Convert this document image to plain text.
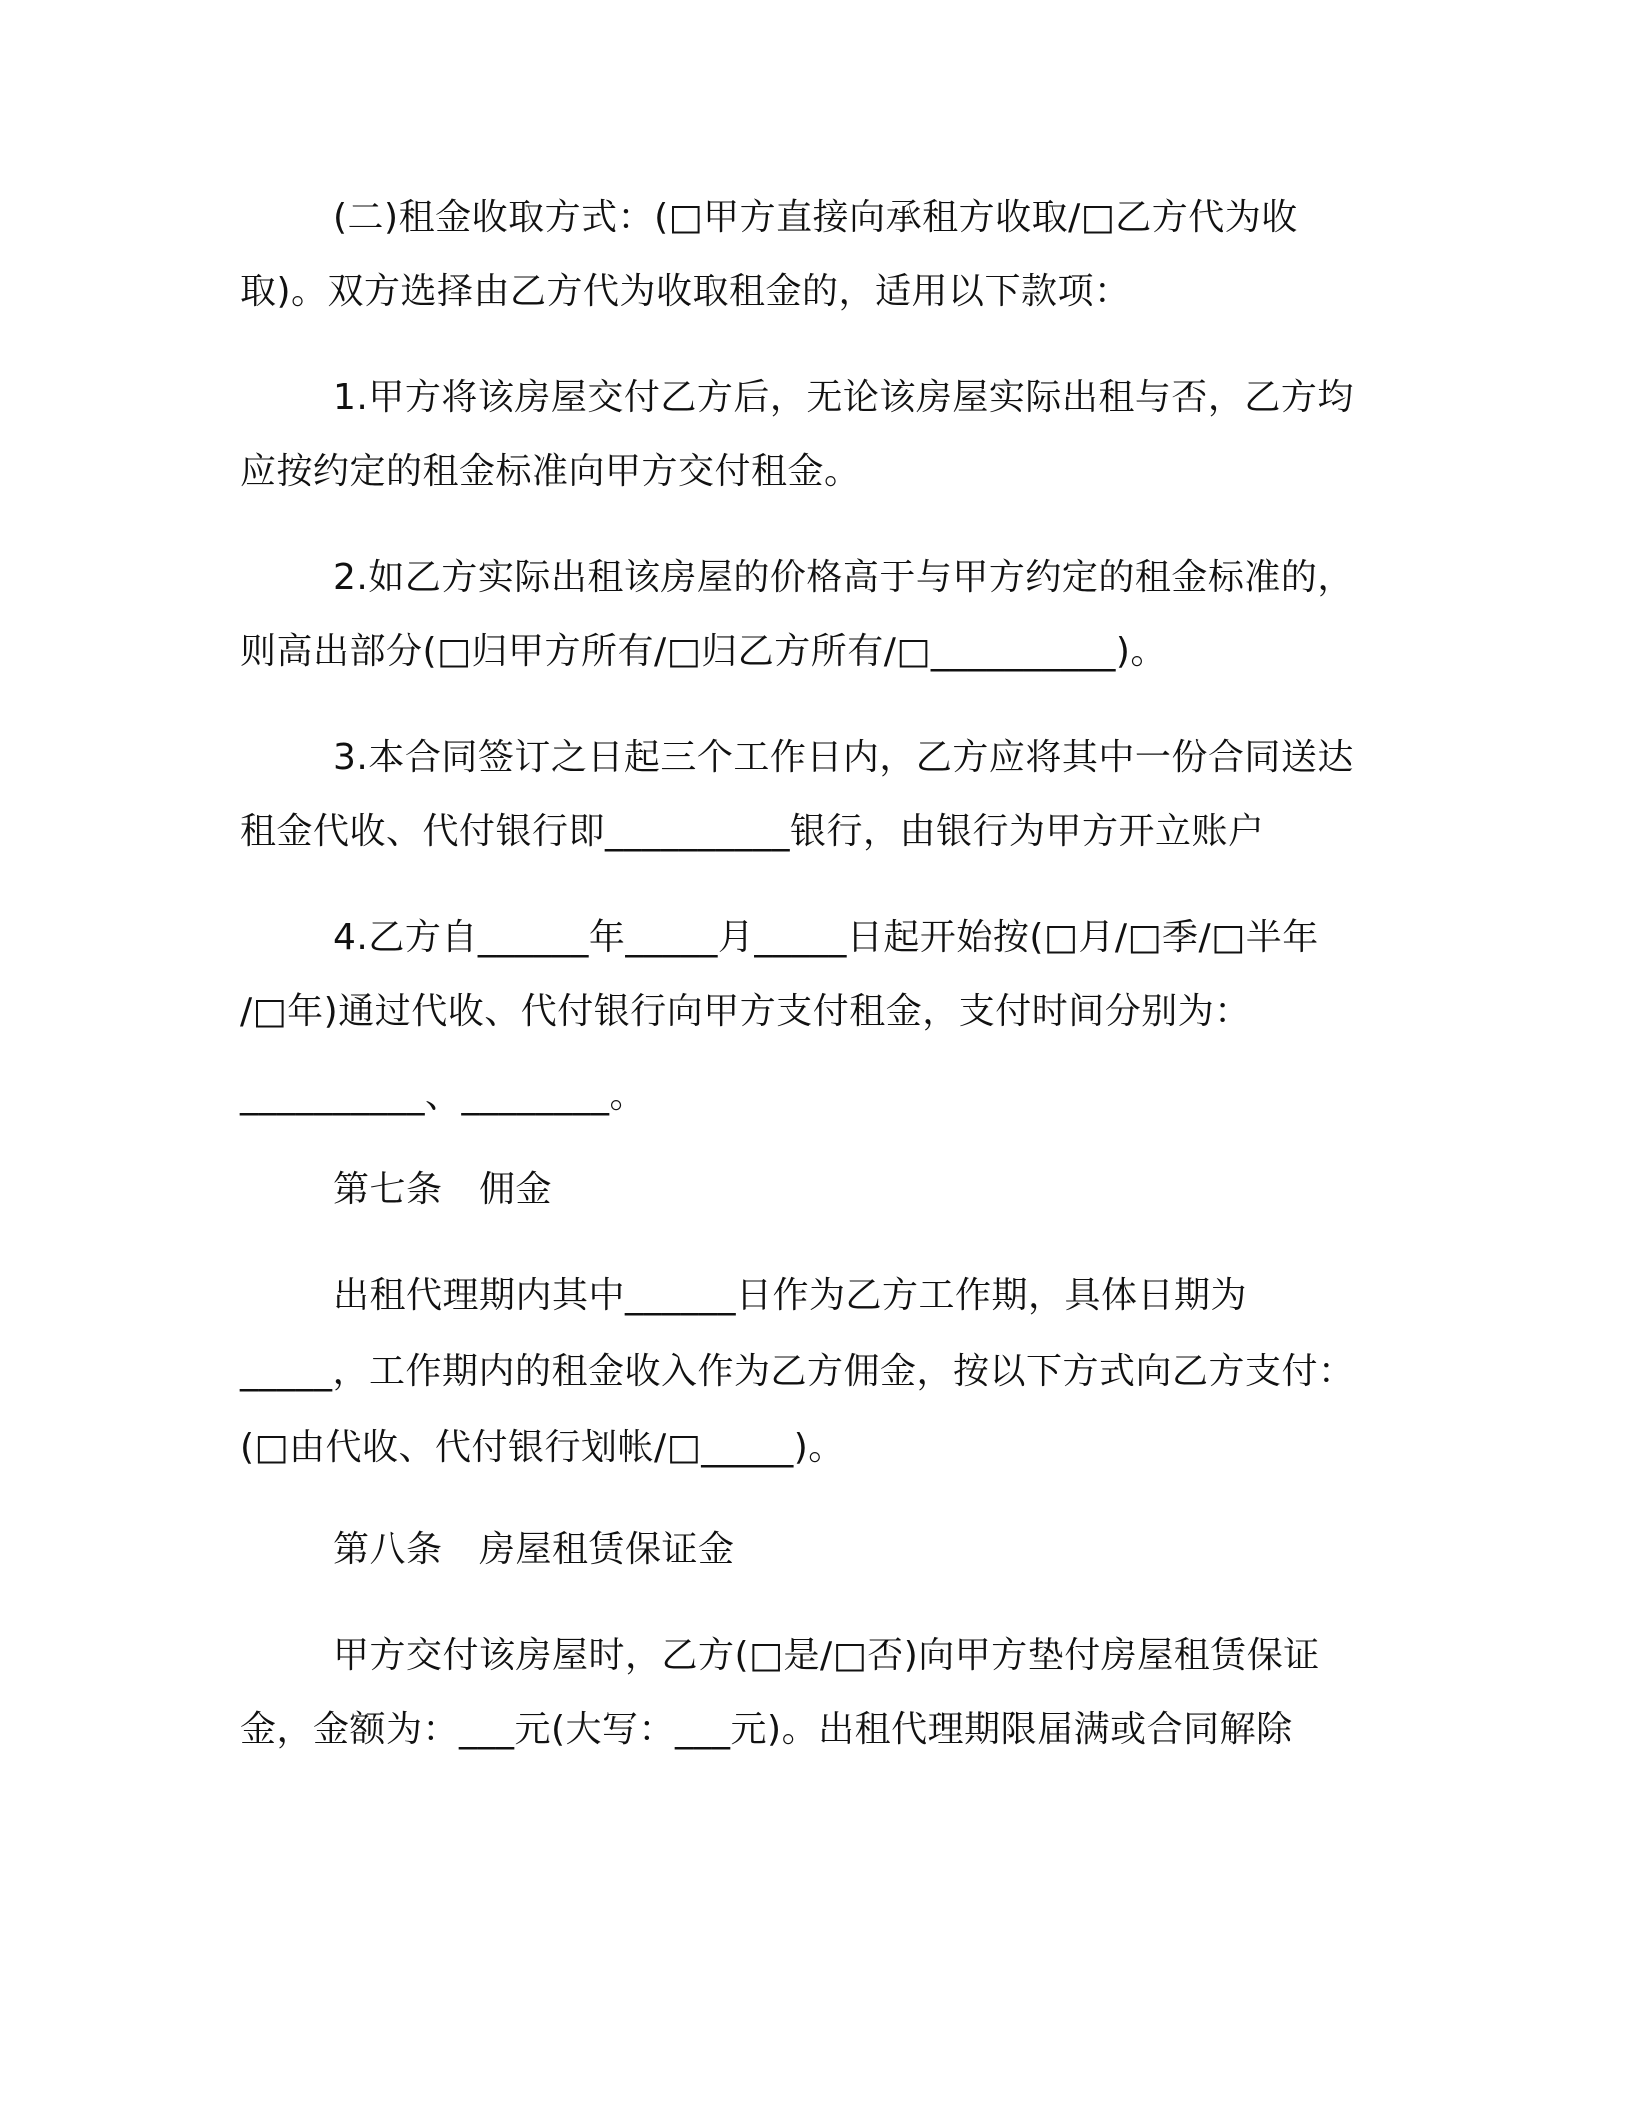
(二)租金收取方式：(□甲方直接向承租方收取/□乙方代为收
取)。双方选择由乙方代为收取租金的，适用以下款项：
1.甲方将该房屋交付乙方后，无论该房屋实际出租与否，乙方均
应按约定的租金标准向甲方交付租金。
2.如乙方实际出租该房屋的价格高于与甲方约定的租金标准的，
则高出部分(□归甲方所有/□归乙方所有/□__________)。
3.本合同签订之日起三个工作日内，乙方应将其中一份合同送达
租金代收、代付银行即__________银行，由银行为甲方开立账户
4.乙方自______年_____月_____日起开始按(□月/□季/□半年
/□年)通过代收、代付银行向甲方支付租金，支付时间分别为：
__________、________。
第七条　佣金
出租代理期内其中______日作为乙方工作期，具体日期为
_____，工作期内的租金收入作为乙方佣金，按以下方式向乙方支付：
(□由代收、代付银行划帐/□_____)。
第八条　房屋租赁保证金
甲方交付该房屋时，乙方(□是/□否)向甲方垫付房屋租赁保证
金，金额为：___元(大写：___元)。出租代理期限届满或合同解除
